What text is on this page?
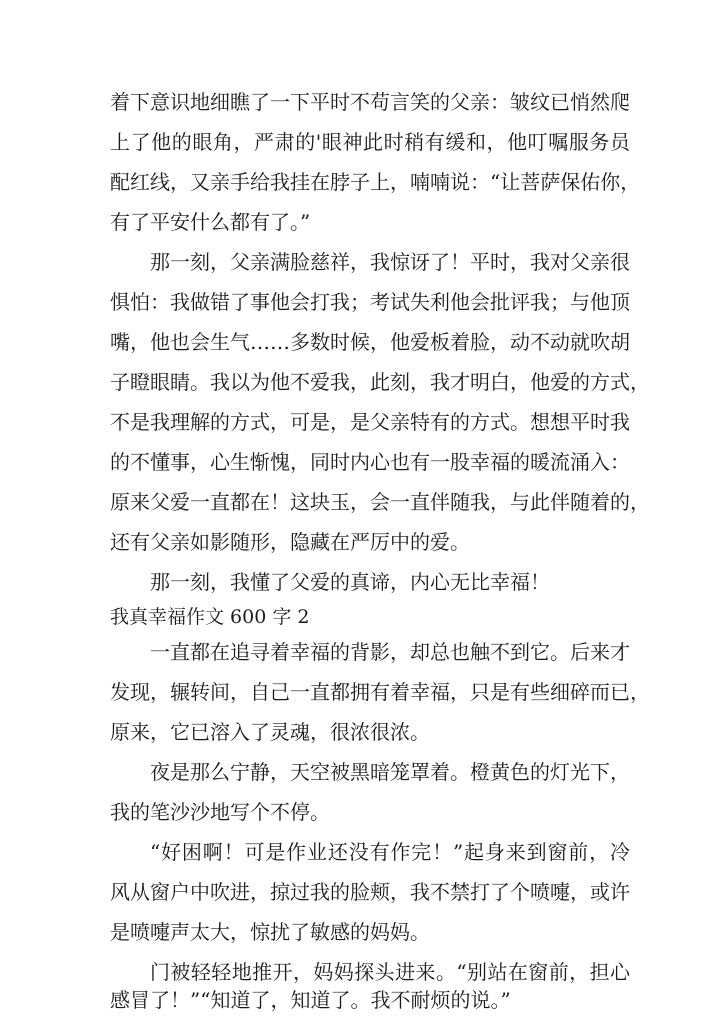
着下意识地细瞧了一下平时不苟言笑的父亲：皱纹已悄然爬
上了他的眼角，严肃的'眼神此时稍有缓和，他叮嘱服务员
配红线，又亲手给我挂在脖子上，喃喃说：“让菩萨保佑你，
有了平安什么都有了。”
那一刻，父亲满脸慈祥，我惊讶了！平时，我对父亲很
惧怕：我做错了事他会打我；考试失利他会批评我；与他顶
嘴，他也会生气……多数时候，他爱板着脸，动不动就吹胡
子瞪眼睛。我以为他不爱我，此刻，我才明白，他爱的方式，
不是我理解的方式，可是，是父亲特有的方式。想想平时我
的不懂事，心生惭愧，同时内心也有一股幸福的暖流涌入：
原来父爱一直都在！这块玉，会一直伴随我，与此伴随着的，
还有父亲如影随形，隐藏在严厉中的爱。
那一刻，我懂了父爱的真谛，内心无比幸福！
我真幸福作文 600 字 2
一直都在追寻着幸福的背影，却总也触不到它。后来才
发现，辗转间，自己一直都拥有着幸福，只是有些细碎而已，
原来，它已溶入了灵魂，很浓很浓。
夜是那么宁静，天空被黑暗笼罩着。橙黄色的灯光下，
我的笔沙沙地写个不停。
“好困啊！可是作业还没有作完！”起身来到窗前，冷
风从窗户中吹进，掠过我的脸颊，我不禁打了个喷嚏，或许
是喷嚏声太大，惊扰了敏感的妈妈。
门被轻轻地推开，妈妈探头进来。“别站在窗前，担心
感冒了！”“知道了，知道了。我不耐烦的说。”
